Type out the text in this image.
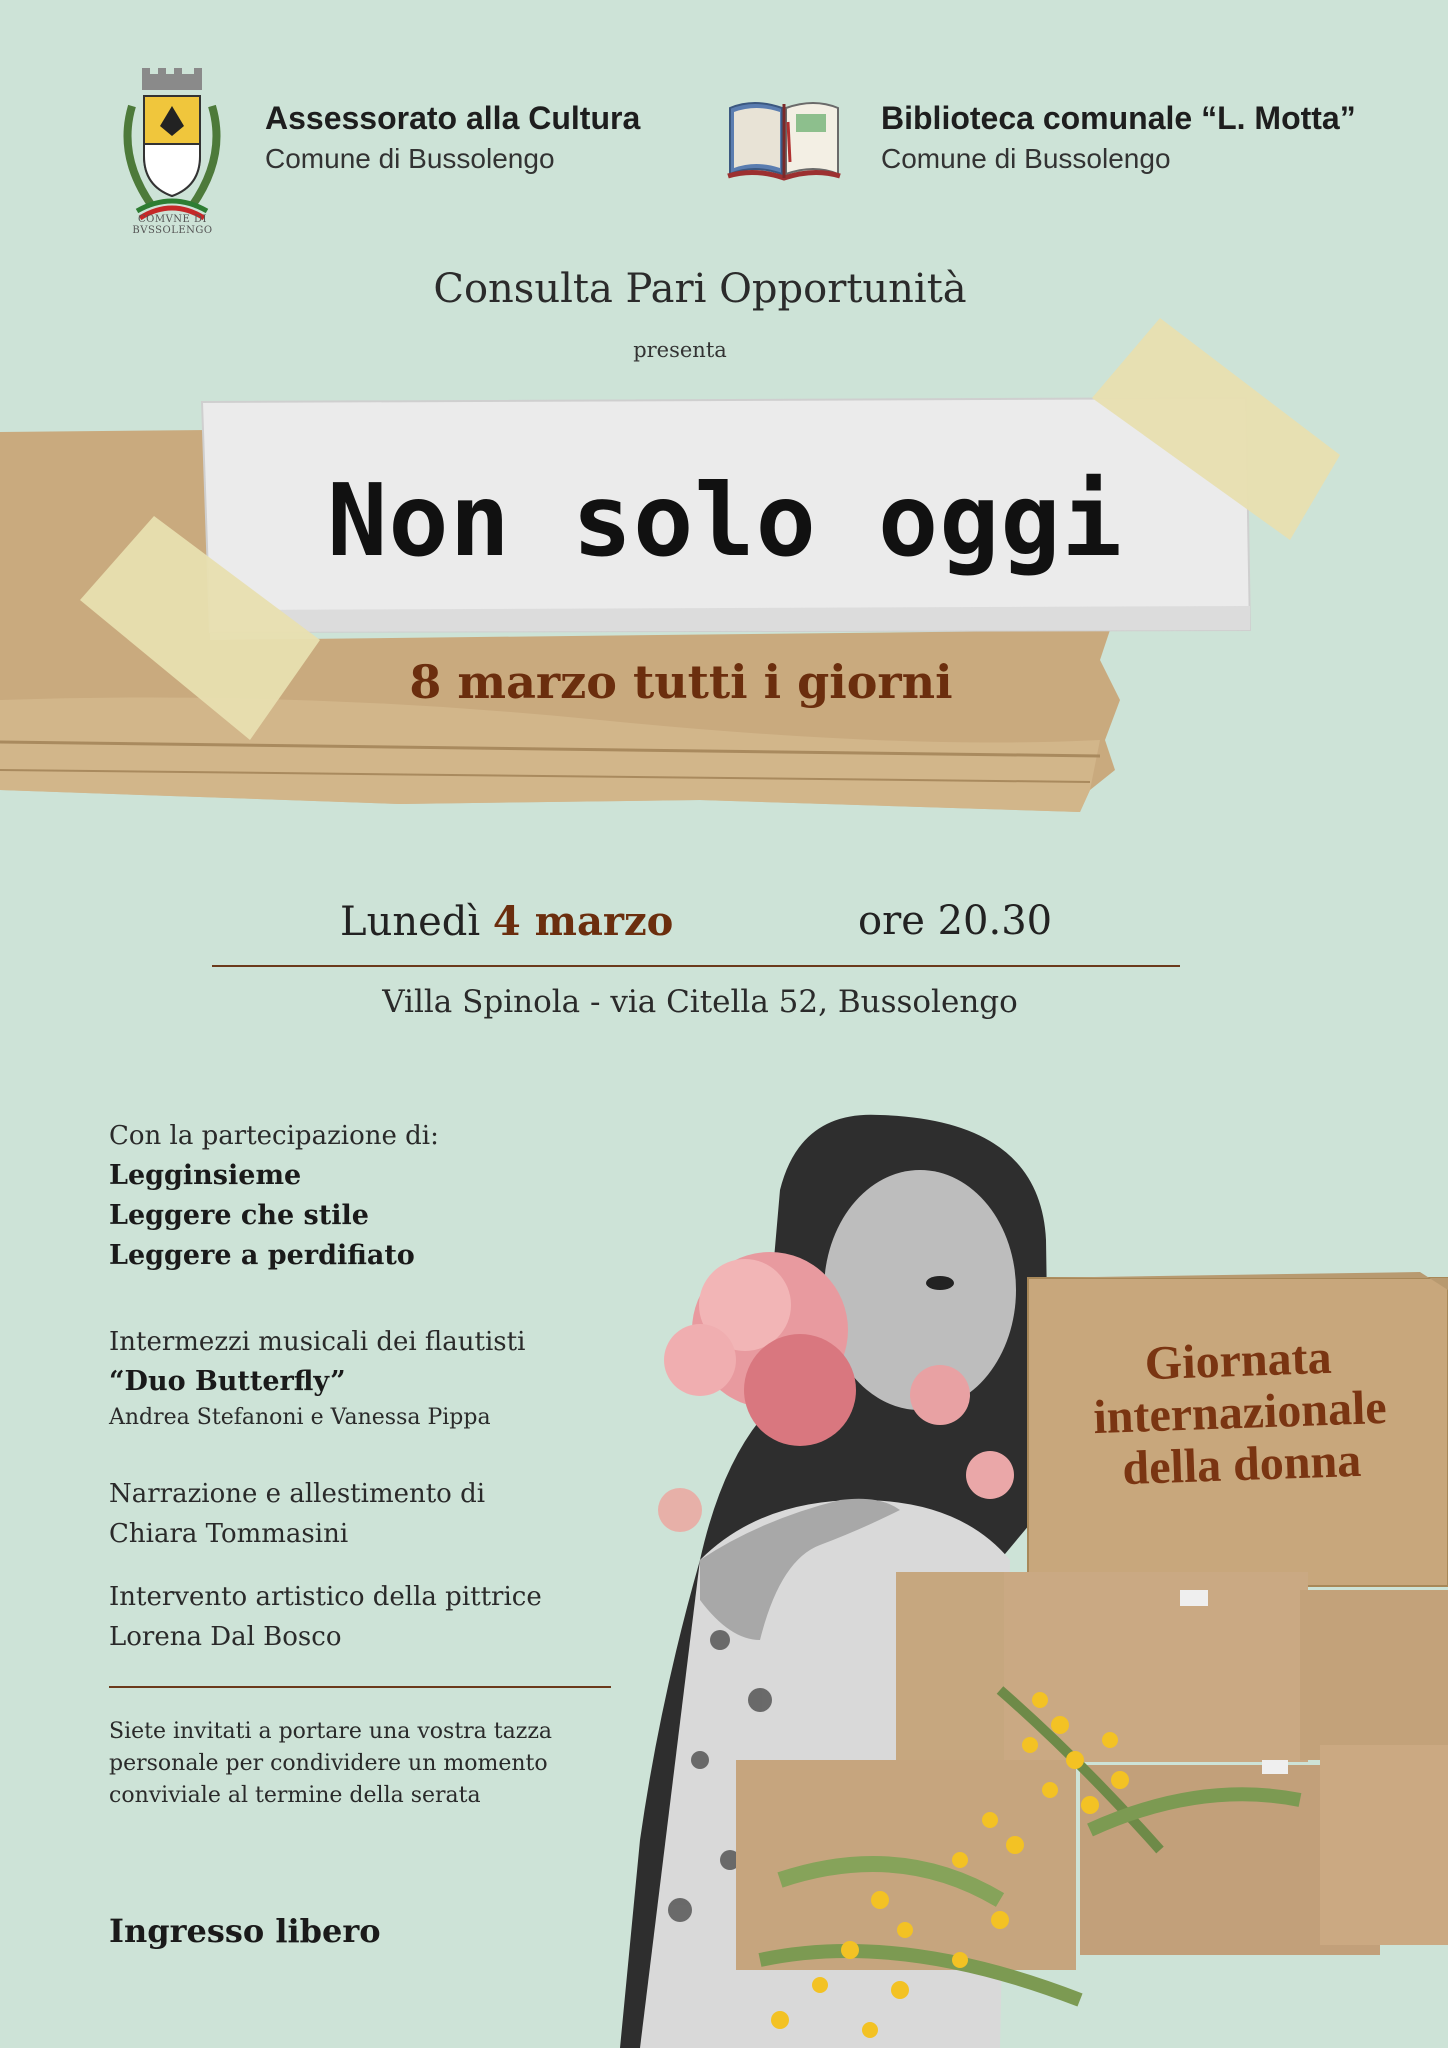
COMVNE DI BVSSOLENGO
Assessorato alla Cultura
Comune di Bussolengo
Biblioteca comunale “L. Motta”
Comune di Bussolengo
Consulta Pari Opportunità
presenta
Non solo oggi
8 marzo tutti i giorni
Lunedì 4 marzo	ore 20.30
Villa Spinola - via Citella 52, Bussolengo
Con la partecipazione di:
Legginsieme
Leggere che stile
Leggere a perdifiato
Intermezzi musicali dei flautisti
“Duo Butterfly”
Andrea Stefanoni e Vanessa Pippa
Narrazione e allestimento di
Chiara Tommasini
Intervento artistico della pittrice
Lorena Dal Bosco
Siete invitati a portare una vostra tazza personale per condividere un momento conviviale al termine della serata
Ingresso libero
Giornata
internazionale
della donna
